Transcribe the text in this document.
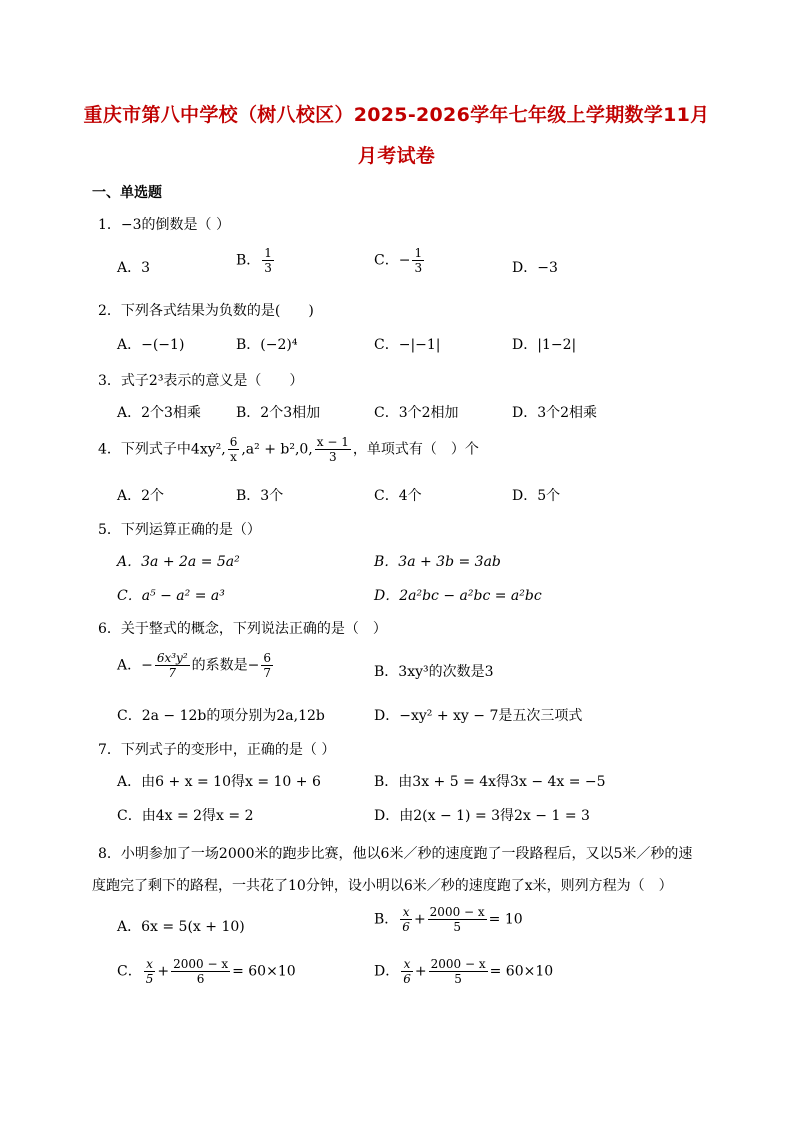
重庆市第八中学校（树八校区）2025-2026学年七年级上学期数学11月
月考试卷
一、单选题
1．−3的倒数是（ ）
A．3	B． $\frac{1}{3}$	C．− $\frac{1}{3}$	D．−3
2．下列各式结果为负数的是(　　)
A．−(−1)	B．(−2)⁴	C．−|−1|	D．|1−2|
3．式子2³表示的意义是（　　）
A．2个3相乘	B．2个3相加	C．3个2相加	D．3个2相乘
4．下列式子中4xy², $\frac{6}{x} ,a^2 + b^2,0$, $\frac{x - 1}{3}$ ，单项式有（　）个
A．2个	B．3个	C．4个	D．5个
5．下列运算正确的是（）
A．3a + 2a = 5a²	B．3a + 3b = 3ab
C．a⁵ − a² = a³	D．2a²bc − a²bc = a²bc
6．关于整式的概念，下列说法正确的是（　）
A．− $\frac{\text{6x³y²}}{7}$ 的系数是− $\frac{6}{7}$	B．3xy³的次数是3
C．2a − 12b的项分别为2a,12b	D．−xy² + xy − 7是五次三项式
7．下列式子的变形中，正确的是（ ）
A．由6 + x = 10得x = 10 + 6	B．由3x + 5 = 4x得3x − 4x = −5
C．由4x = 2得x = 2	D．由2(x − 1) = 3得2x − 1 = 3
8．小明参加了一场2000米的跑步比赛，他以6米／秒的速度跑了一段路程后，又以5米／秒的速
度跑完了剩下的路程，一共花了10分钟，设小明以6米／秒的速度跑了x米，则列方程为（　）
A．6x = 5(x + 10)	B． $\frac{x}{6} + \frac{2000 - x}{5} = 10$
C． $\frac{x}{5} + \frac{2000 - x}{6} = 60\times 10$	D． $\frac{x}{6} + \frac{2000 - x}{5} = 60\times 10$
